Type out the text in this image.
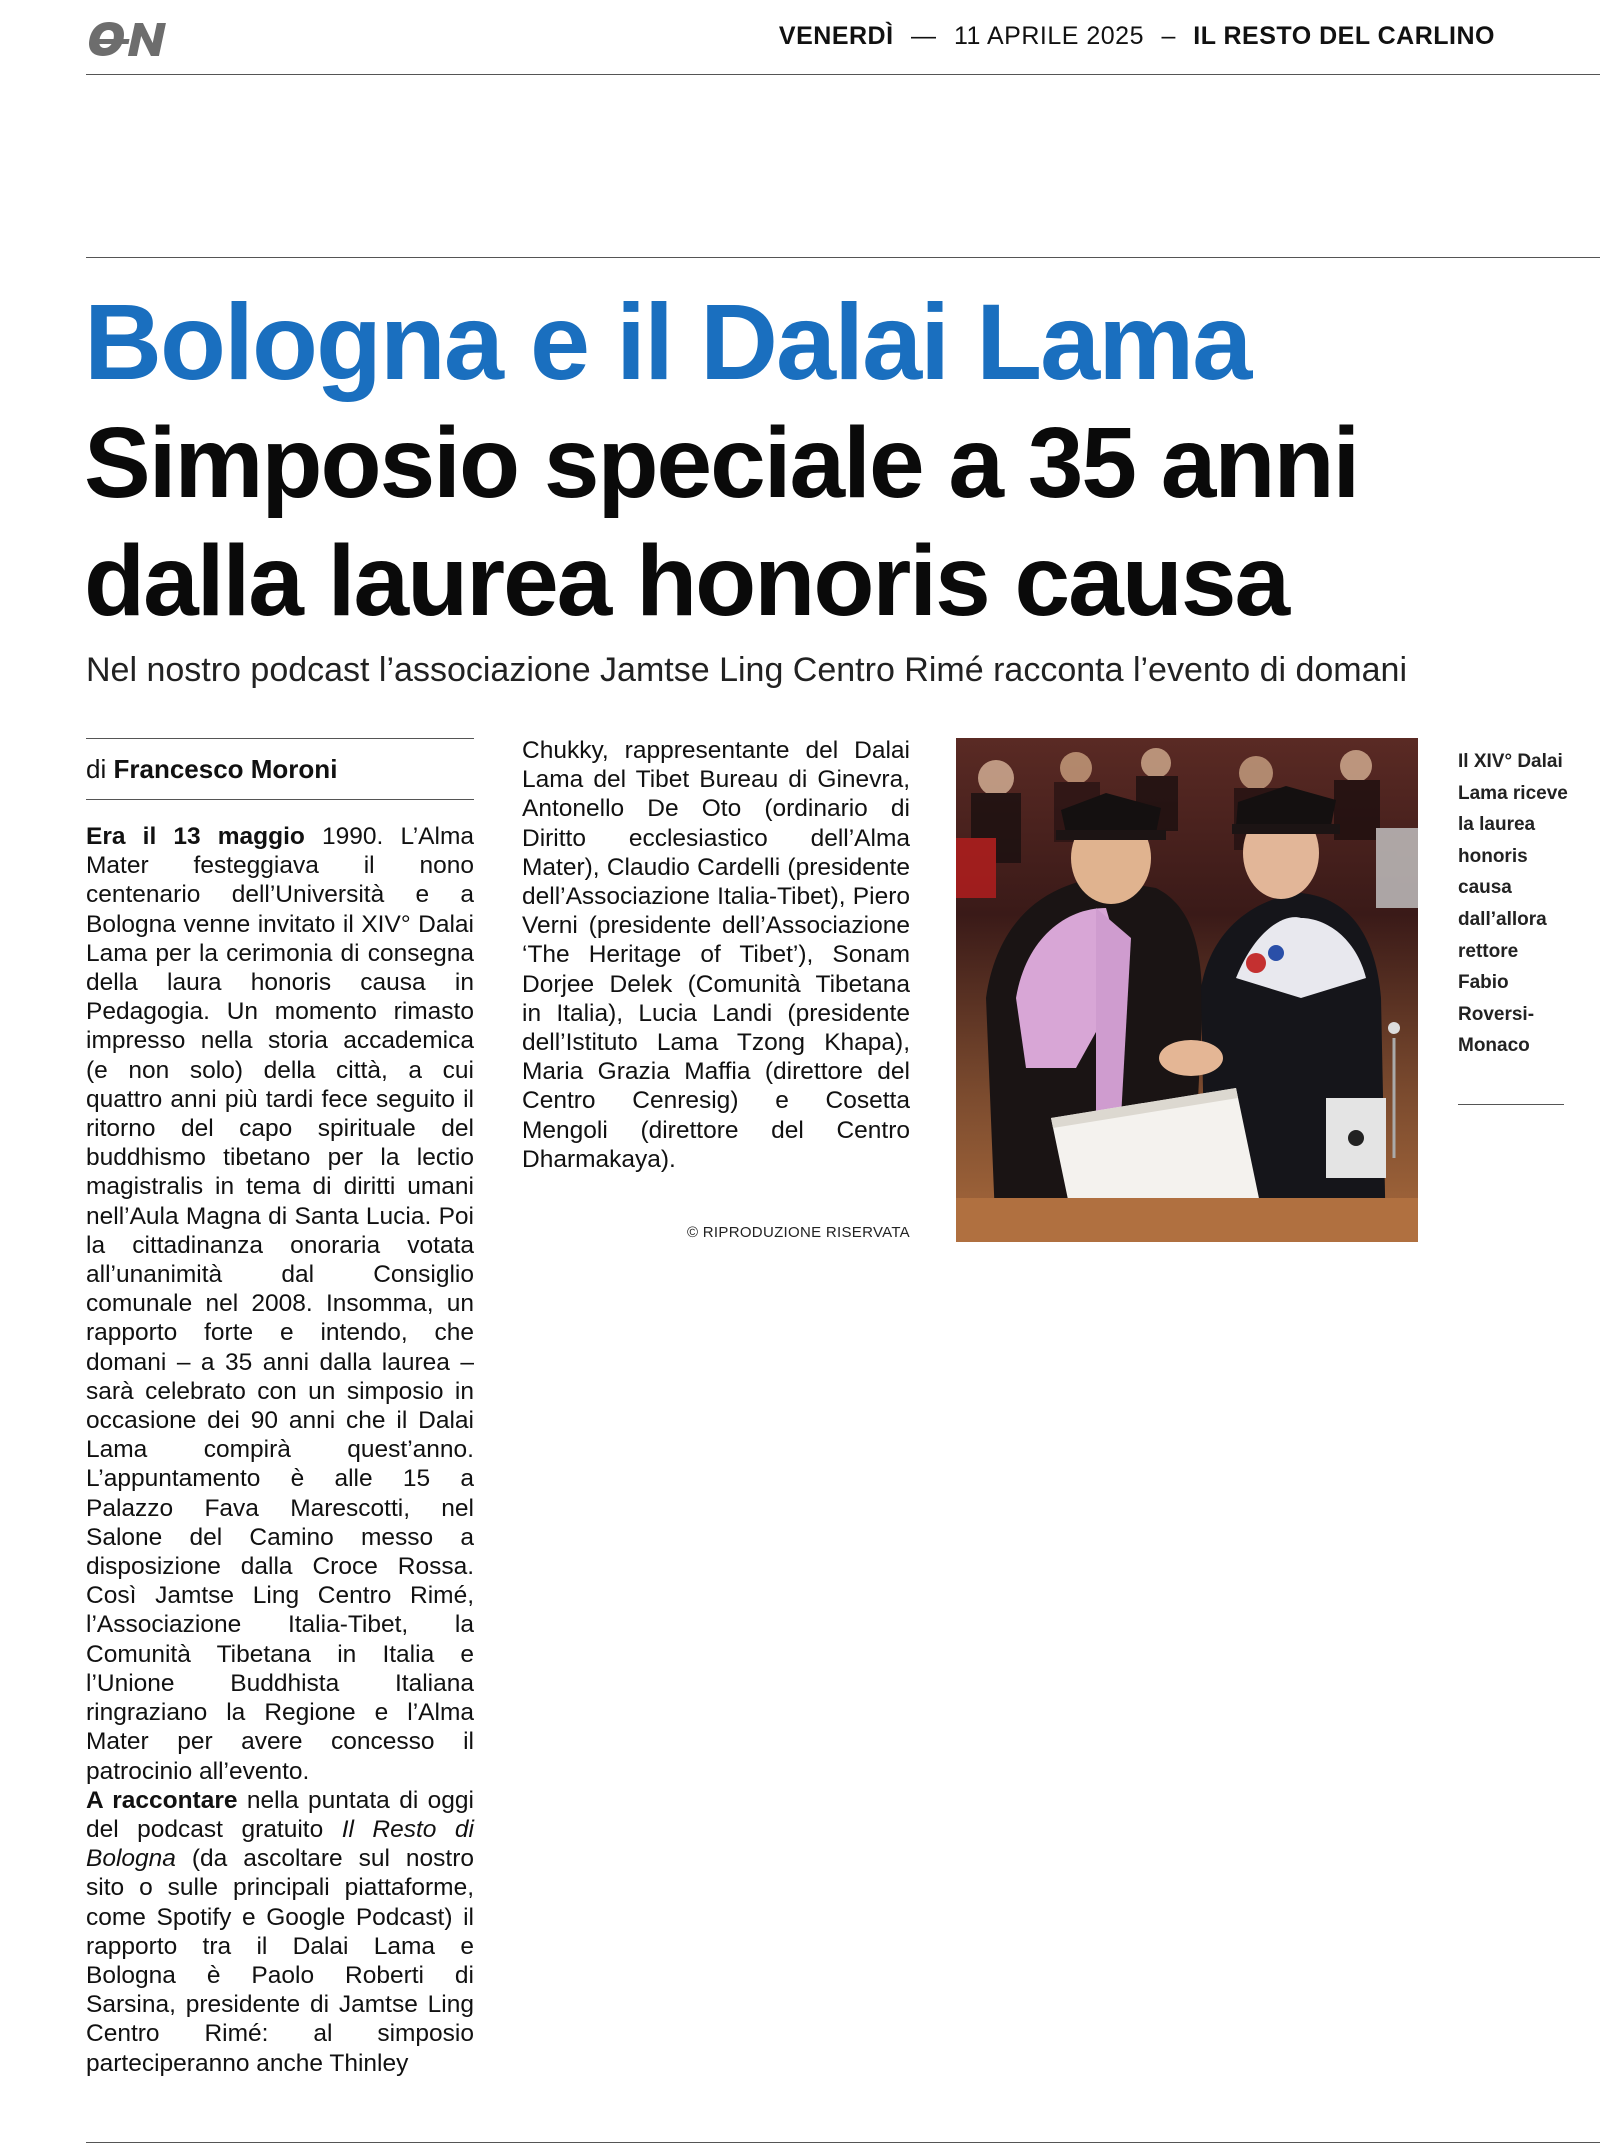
VENERDÌ — 11 APRILE 2025 – IL RESTO DEL CARLINO
Bologna e il Dalai Lama
Simposio speciale a 35 anni dalla laurea honoris causa
Nel nostro podcast l’associazione Jamtse Ling Centro Rimé racconta l’evento di domani
di Francesco Moroni

Era il 13 maggio 1990. L’Alma Mater festeggiava il nono centenario dell’Università e a Bologna venne invitato il XIV° Dalai Lama per la cerimonia di consegna della laura honoris causa in Pedagogia. Un momento rimasto impresso nella storia accademica (e non solo) della città, a cui quattro anni più tardi fece seguito il ritorno del capo spirituale del buddhismo tibetano per la lectio magistralis in tema di diritti umani nell’Aula Magna di Santa Lucia. Poi la cittadinanza onoraria votata all’unanimità dal Consiglio comunale nel 2008. Insomma, un rapporto forte e intendo, che domani – a 35 anni dalla laurea – sarà celebrato con un simposio in occasione dei 90 anni che il Dalai Lama compirà quest’anno. L’appuntamento è alle 15 a Palazzo Fava Marescotti, nel Salone del Camino messo a disposizione dalla Croce Rossa. Così Jamtse Ling Centro Rimé, l’Associazione Italia-Tibet, la Comunità Tibetana in Italia e l’Unione Buddhista Italiana ringraziano la Regione e l’Alma Mater per avere concesso il patrocinio all’evento.

A raccontare nella puntata di oggi del podcast gratuito Il Resto di Bologna (da ascoltare sul nostro sito o sulle principali piattaforme, come Spotify e Google Podcast) il rapporto tra il Dalai Lama e Bologna è Paolo Roberti di Sarsina, presidente di Jamtse Ling Centro Rimé: al simposio parteciperanno anche Thinley

Chukky, rappresentante del Dalai Lama del Tibet Bureau di Ginevra, Antonello De Oto (ordinario di Diritto ecclesiastico dell’Alma Mater), Claudio Cardelli (presidente dell’Associazione Italia-Tibet), Piero Verni (presidente dell’Associazione ‘The Heritage of Tibet’), Sonam Dorjee Delek (Comunità Tibetana in Italia), Lucia Landi (presidente dell’Istituto Lama Tzong Khapa), Maria Grazia Maffia (direttore del Centro Cenresig) e Cosetta Mengoli (direttore del Centro Dharmakaya).

© RIPRODUZIONE RISERVATA
Il XIV° Dalai Lama riceve la laurea honoris causa dall’allora rettore Fabio Roversi-Monaco
